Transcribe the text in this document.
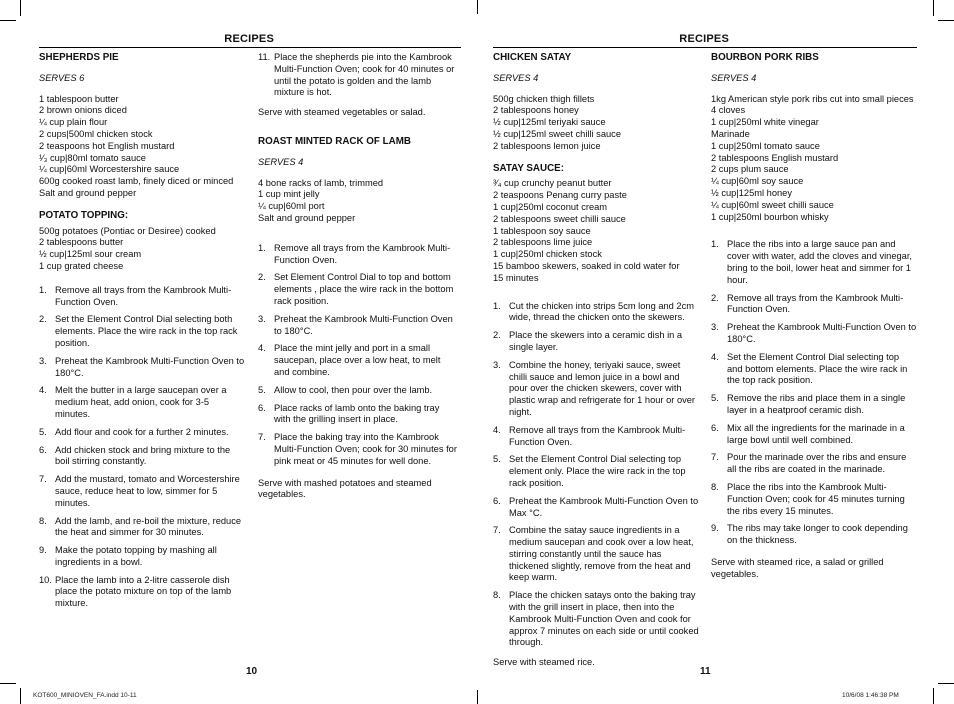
RECIPES	RECIPES
SHEPHERDS PIE
SERVES 6
1 tablespoon butter
2 brown onions diced
¼ cup plain flour
2 cups|500ml chicken stock
2 teaspoons hot English mustard
¹⁄₃ cup|80ml tomato sauce
¼ cup|60ml Worcestershire sauce
600g cooked roast lamb, finely diced or minced
Salt and ground pepper
POTATO TOPPING:
500g potatoes (Pontiac or Desiree) cooked
2 tablespoons butter
½ cup|125ml sour cream
1 cup grated cheese
1. Remove all trays from the Kambrook Multi-Function Oven.
2. Set the Element Control Dial selecting both elements. Place the wire rack in the top rack position.
3. Preheat the Kambrook Multi-Function Oven to 180°C.
4. Melt the butter in a large saucepan over a medium heat, add onion, cook for 3-5 minutes.
5. Add flour and cook for a further 2 minutes.
6. Add chicken stock and bring mixture to the boil stirring constantly.
7. Add the mustard, tomato and Worcestershire sauce, reduce heat to low, simmer for 5 minutes.
8. Add the lamb, and re-boil the mixture, reduce the heat and simmer for 30 minutes.
9. Make the potato topping by mashing all ingredients in a bowl.
10. Place the lamb into a 2-litre casserole dish place the potato mixture on top of the lamb mixture.
11. Place the shepherds pie into the Kambrook Multi-Function Oven; cook for 40 minutes or until the potato is golden and the lamb mixture is hot.
Serve with steamed vegetables or salad.
ROAST MINTED RACK OF LAMB
SERVES 4
4 bone racks of lamb, trimmed
1 cup mint jelly
¼ cup|60ml port
Salt and ground pepper
1. Remove all trays from the Kambrook Multi-Function Oven.
2. Set Element Control Dial to top and bottom elements , place the wire rack in the bottom rack position.
3. Preheat the Kambrook Multi-Function Oven to 180°C.
4. Place the mint jelly and port in a small saucepan, place over a low heat, to melt and combine.
5. Allow to cool, then pour over the lamb.
6. Place racks of lamb onto the baking tray with the grilling insert in place.
7. Place the baking tray into the Kambrook Multi-Function Oven; cook for 30 minutes for pink meat or 45 minutes for well done.
Serve with mashed potatoes and steamed vegetables.
CHICKEN SATAY
SERVES 4
500g chicken thigh fillets
2 tablespoons honey
½ cup|125ml teriyaki sauce
½ cup|125ml sweet chilli sauce
2 tablespoons lemon juice
SATAY SAUCE:
³⁄₄ cup crunchy peanut butter
2 teaspoons Penang curry paste
1 cup|250ml coconut cream
2 tablespoons sweet chilli sauce
1 tablespoon soy sauce
2 tablespoons lime juice
1 cup|250ml chicken stock
15 bamboo skewers, soaked in cold water for
15 minutes
1. Cut the chicken into strips 5cm long and 2cm wide, thread the chicken onto the skewers.
2. Place the skewers into a ceramic dish in a single layer.
3. Combine the honey, teriyaki sauce, sweet chilli sauce and lemon juice in a bowl and pour over the chicken skewers, cover with plastic wrap and refrigerate for 1 hour or over night.
4. Remove all trays from the Kambrook Multi-Function Oven.
5. Set the Element Control Dial selecting top element only. Place the wire rack in the top rack position.
6. Preheat the Kambrook Multi-Function Oven to Max °C.
7. Combine the satay sauce ingredients in a medium saucepan and cook over a low heat, stirring constantly until the sauce has thickened slightly, remove from the heat and keep warm.
8. Place the chicken satays onto the baking tray with the grill insert in place, then into the Kambrook Multi-Function Oven and cook for approx 7 minutes on each side or until cooked through.
Serve with steamed rice.
BOURBON PORK RIBS
SERVES 4
1kg American style pork ribs cut into small pieces
4 cloves
1 cup|250ml white vinegar
Marinade
1 cup|250ml tomato sauce
2 tablespoons English mustard
2 cups plum sauce
¼ cup|60ml soy sauce
½ cup|125ml honey
¼ cup|60ml sweet chilli sauce
1 cup|250ml bourbon whisky
1. Place the ribs into a large sauce pan and cover with water, add the cloves and vinegar, bring to the boil, lower heat and simmer for 1 hour.
2. Remove all trays from the Kambrook Multi-Function Oven.
3. Preheat the Kambrook Multi-Function Oven to 180°C.
4. Set the Element Control Dial selecting top and bottom elements. Place the wire rack in the top rack position.
5. Remove the ribs and place them in a single layer in a heatproof ceramic dish.
6. Mix all the ingredients for the marinade in a large bowl until well combined.
7. Pour the marinade over the ribs and ensure all the ribs are coated in the marinade.
8. Place the ribs into the Kambrook Multi-Function Oven; cook for 45 minutes turning the ribs every 15 minutes.
9. The ribs may take longer to cook depending on the thickness.
Serve with steamed rice, a salad or grilled vegetables.
10	11
KOT600_MINIOVEN_FA.indd 10-11	10/6/08 1:46:38 PM
